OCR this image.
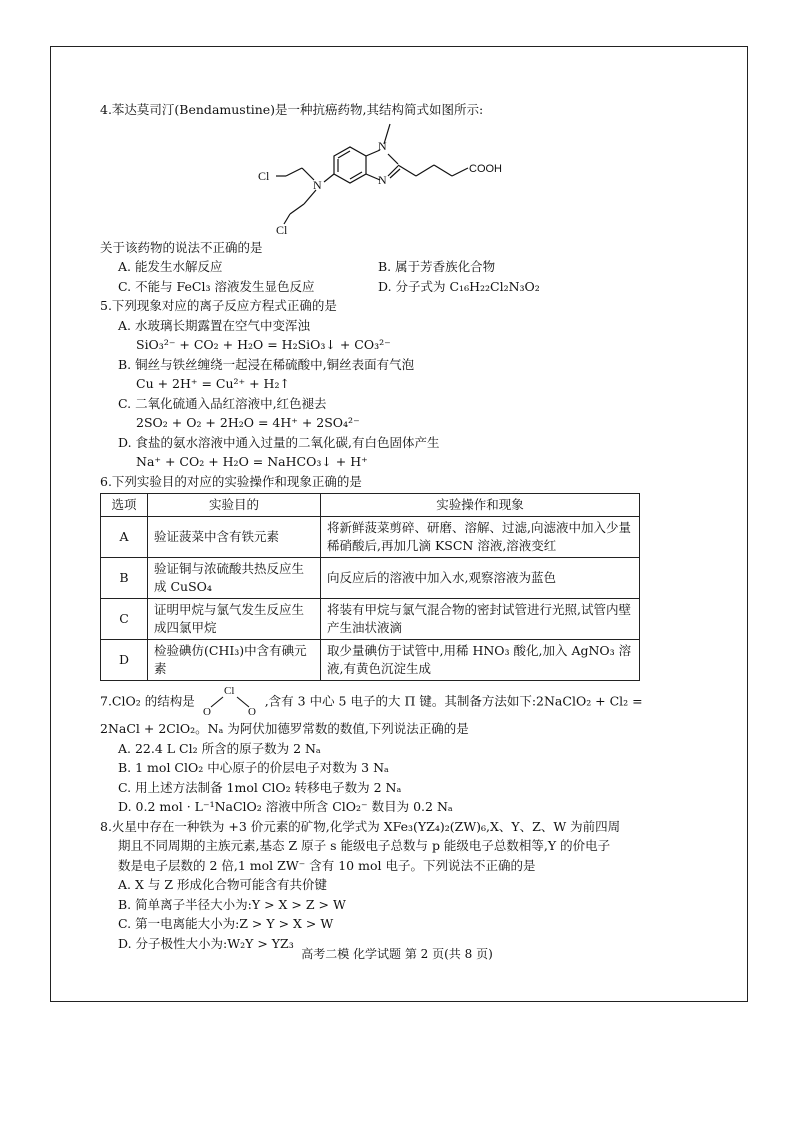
4.苯达莫司汀(Bendamustine)是一种抗癌药物,其结构简式如图所示:

N
N
N
COOH
Cl
Cl

关于该药物的说法不正确的是

A. 能发生水解反应	B. 属于芳香族化合物
C. 不能与 FeCl₃ 溶液发生显色反应	D. 分子式为 C₁₆H₂₂Cl₂N₃O₂

5.下列现象对应的离子反应方程式正确的是

A. 水玻璃长期露置在空气中变浑浊

SiO₃²⁻ + CO₂ + H₂O = H₂SiO₃↓ + CO₃²⁻

B. 铜丝与铁丝缠绕一起浸在稀硫酸中,铜丝表面有气泡

Cu + 2H⁺ = Cu²⁺ + H₂↑

C. 二氧化硫通入品红溶液中,红色褪去

2SO₂ + O₂ + 2H₂O = 4H⁺ + 2SO₄²⁻

D. 食盐的氨水溶液中通入过量的二氧化碳,有白色固体产生

Na⁺ + CO₂ + H₂O = NaHCO₃↓ + H⁺

6.下列实验目的对应的实验操作和现象正确的是

选项	实验目的	实验操作和现象
A	验证菠菜中含有铁元素	将新鲜菠菜剪碎、研磨、溶解、过滤,向滤液中加入少量稀硝酸后,再加几滴 KSCN 溶液,溶液变红
B	验证铜与浓硫酸共热反应生成 CuSO₄	向反应后的溶液中加入水,观察溶液为蓝色
C	证明甲烷与氯气发生反应生成四氯甲烷	将装有甲烷与氯气混合物的密封试管进行光照,试管内壁产生油状液滴
D	检验碘仿(CHI₃)中含有碘元素	取少量碘仿于试管中,用稀 HNO₃ 酸化,加入 AgNO₃ 溶液,有黄色沉淀生成

7.ClO₂ 的结构是
Cl
O	O
,含有 3 中心 5 电子的大 Π 键。其制备方法如下:2NaClO₂ + Cl₂ =

2NaCl + 2ClO₂。Nₐ 为阿伏加德罗常数的数值,下列说法正确的是

A. 22.4 L Cl₂ 所含的原子数为 2 Nₐ

B. 1 mol ClO₂ 中心原子的价层电子对数为 3 Nₐ

C. 用上述方法制备 1mol ClO₂ 转移电子数为 2 Nₐ

D. 0.2 mol · L⁻¹NaClO₂ 溶液中所含 ClO₂⁻ 数目为 0.2 Nₐ

8.火星中存在一种铁为 +3 价元素的矿物,化学式为 XFe₃(YZ₄)₂(ZW)₆,X、Y、Z、W 为前四周

期且不同周期的主族元素,基态 Z 原子 s 能级电子总数与 p 能级电子总数相等,Y 的价电子

数是电子层数的 2 倍,1 mol ZW⁻ 含有 10 mol 电子。下列说法不正确的是

A. X 与 Z 形成化合物可能含有共价键

B. 简单离子半径大小为:Y > X > Z > W

C. 第一电离能大小为:Z > Y > X > W

D. 分子极性大小为:W₂Y > YZ₃

高考二模 化学试题 第 2 页(共 8 页)
